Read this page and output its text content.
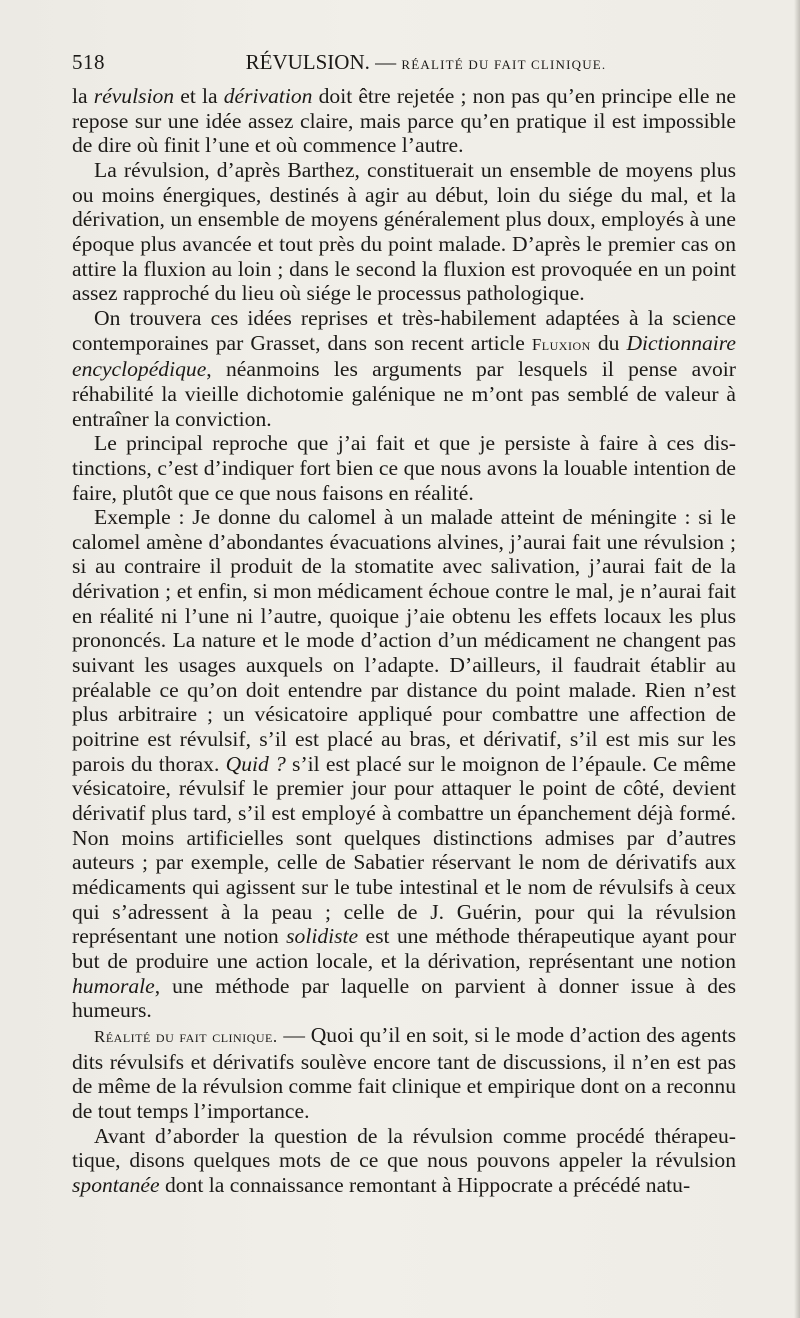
518	RÉVULSION. — RÉALITÉ DU FAIT CLINIQUE.

la révulsion et la dérivation doit être rejetée ; non pas qu’en principe elle ne repose sur une idée assez claire, mais parce qu’en pratique il est impossible de dire où finit l’une et où commence l’autre.

La révulsion, d’après Barthez, constituerait un ensemble de moyens plus ou moins énergiques, destinés à agir au début, loin du siége du mal, et la dérivation, un ensemble de moyens généralement plus doux, employés à une époque plus avancée et tout près du point malade. D’après le premier cas on attire la fluxion au loin ; dans le second la fluxion est provoquée en un point assez rapproché du lieu où siége le processus pathologique.

On trouvera ces idées reprises et très-habilement adaptées à la science contemporaines par Grasset, dans son recent article Fluxion du Dictionnaire encyclopédique, néanmoins les arguments par lesquels il pense avoir réhabilité la vieille dichotomie galénique ne m’ont pas semblé de valeur à entraîner la conviction.

Le principal reproche que j’ai fait et que je persiste à faire à ces distinctions, c’est d’indiquer fort bien ce que nous avons la louable intention de faire, plutôt que ce que nous faisons en réalité.

Exemple : Je donne du calomel à un malade atteint de méningite : si le calomel amène d’abondantes évacuations alvines, j’aurai fait une révulsion ; si au contraire il produit de la stomatite avec salivation, j’aurai fait de la dérivation ; et enfin, si mon médicament échoue contre le mal, je n’aurai fait en réalité ni l’une ni l’autre, quoique j’aie obtenu les effets locaux les plus prononcés. La nature et le mode d’action d’un médicament ne changent pas suivant les usages auxquels on l’adapte. D’ailleurs, il faudrait établir au préalable ce qu’on doit entendre par distance du point malade. Rien n’est plus arbitraire ; un vésicatoire appliqué pour combattre une affection de poitrine est révulsif, s’il est placé au bras, et dérivatif, s’il est mis sur les parois du thorax. Quid ? s’il est placé sur le moignon de l’épaule. Ce même vésicatoire, révulsif le premier jour pour attaquer le point de côté, devient dérivatif plus tard, s’il est employé à combattre un épanchement déjà formé. Non moins artificielles sont quelques distinctions admises par d’autres auteurs ; par exemple, celle de Sabatier réservant le nom de dérivatifs aux médicaments qui agissent sur le tube intestinal et le nom de révulsifs à ceux qui s’adressent à la peau ; celle de J. Guérin, pour qui la révulsion représentant une notion solidiste est une méthode thérapeutique ayant pour but de produire une action locale, et la dérivation, représentant une notion humorale, une méthode par laquelle on parvient à donner issue à des humeurs.

Réalité du fait clinique. — Quoi qu’il en soit, si le mode d’action des agents dits révulsifs et dérivatifs soulève encore tant de discussions, il n’en est pas de même de la révulsion comme fait clinique et empirique dont on a reconnu de tout temps l’importance.

Avant d’aborder la question de la révulsion comme procédé thérapeutique, disons quelques mots de ce que nous pouvons appeler la révulsion spontanée dont la connaissance remontant à Hippocrate a précédé natu-
